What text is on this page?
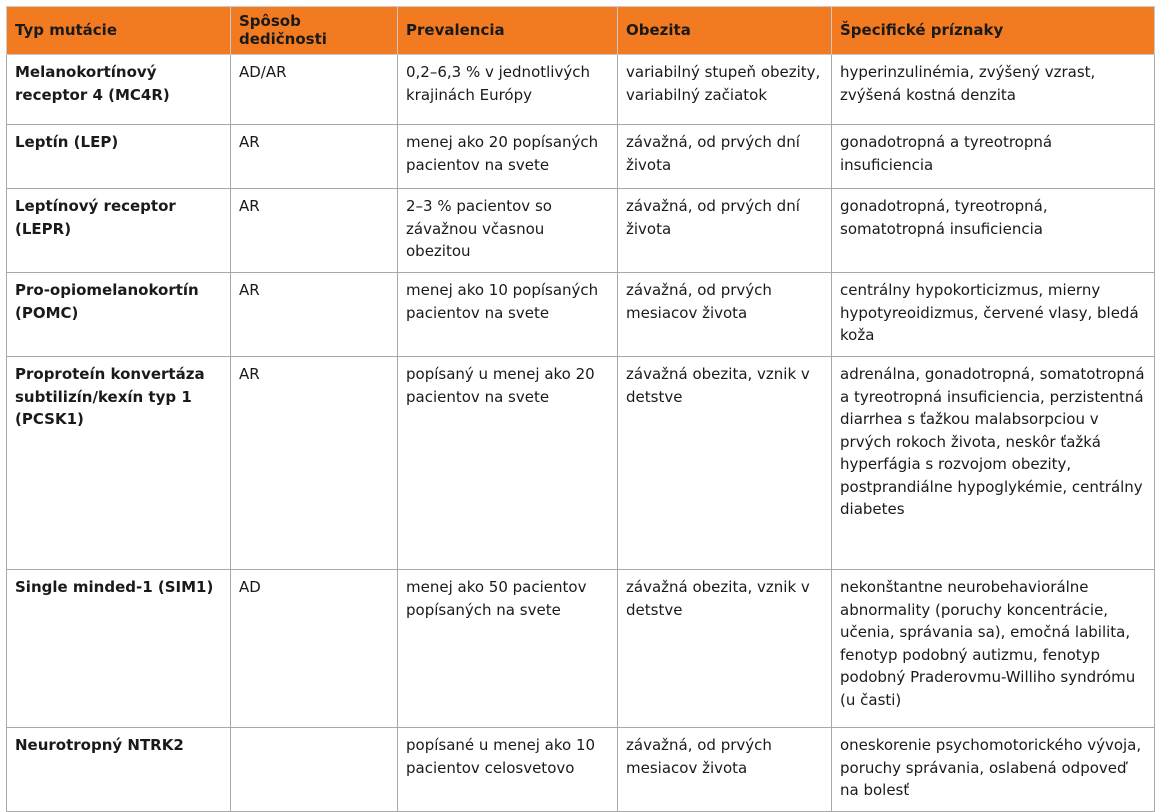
Typ mutácie	Spôsob dedičnosti	Prevalencia	Obezita	Špecifické príznaky
Melanokortínový receptor 4 (MC4R)	AD/AR	0,2–6,3 % v jednotlivých krajinách Európy	variabilný stupeň obezity, variabilný začiatok	hyperinzulinémia, zvýšený vzrast, zvýšená kostná denzita
Leptín (LEP)	AR	menej ako 20 popísaných pacientov na svete	závažná, od prvých dní života	gonadotropná a tyreotropná insuficiencia
Leptínový receptor (LEPR)	AR	2–3 % pacientov so závažnou včasnou obezitou	závažná, od prvých dní života	gonadotropná, tyreotropná, somatotropná insuficiencia
Pro-opiomelanokortín (POMC)	AR	menej ako 10 popísaných pacientov na svete	závažná, od prvých mesiacov života	centrálny hypokorticizmus, mierny hypotyreoidizmus, červené vlasy, bledá koža
Proproteín konvertáza subtilizín/kexín typ 1 (PCSK1)	AR	popísaný u menej ako 20 pacientov na svete	závažná obezita, vznik v detstve	adrenálna, gonadotropná, somatotropná a tyreotropná insuficiencia, perzistentná diarrhea s ťažkou malabsorpciou v prvých rokoch života, neskôr ťažká hyperfágia s rozvojom obezity, postprandiálne hypoglykémie, centrálny diabetes
Single minded-1 (SIM1)	AD	menej ako 50 pacientov popísaných na svete	závažná obezita, vznik v detstve	nekonštantne neurobehaviorálne abnormality (poruchy koncentrácie, učenia, správania sa), emočná labilita, fenotyp podobný autizmu, fenotyp podobný Praderovmu-Williho syndrómu (u časti)
Neurotropný NTRK2		popísané u menej ako 10 pacientov celosvetovo	závažná, od prvých mesiacov života	oneskorenie psychomotorického vývoja, poruchy správania, oslabená odpoveď na bolesť
